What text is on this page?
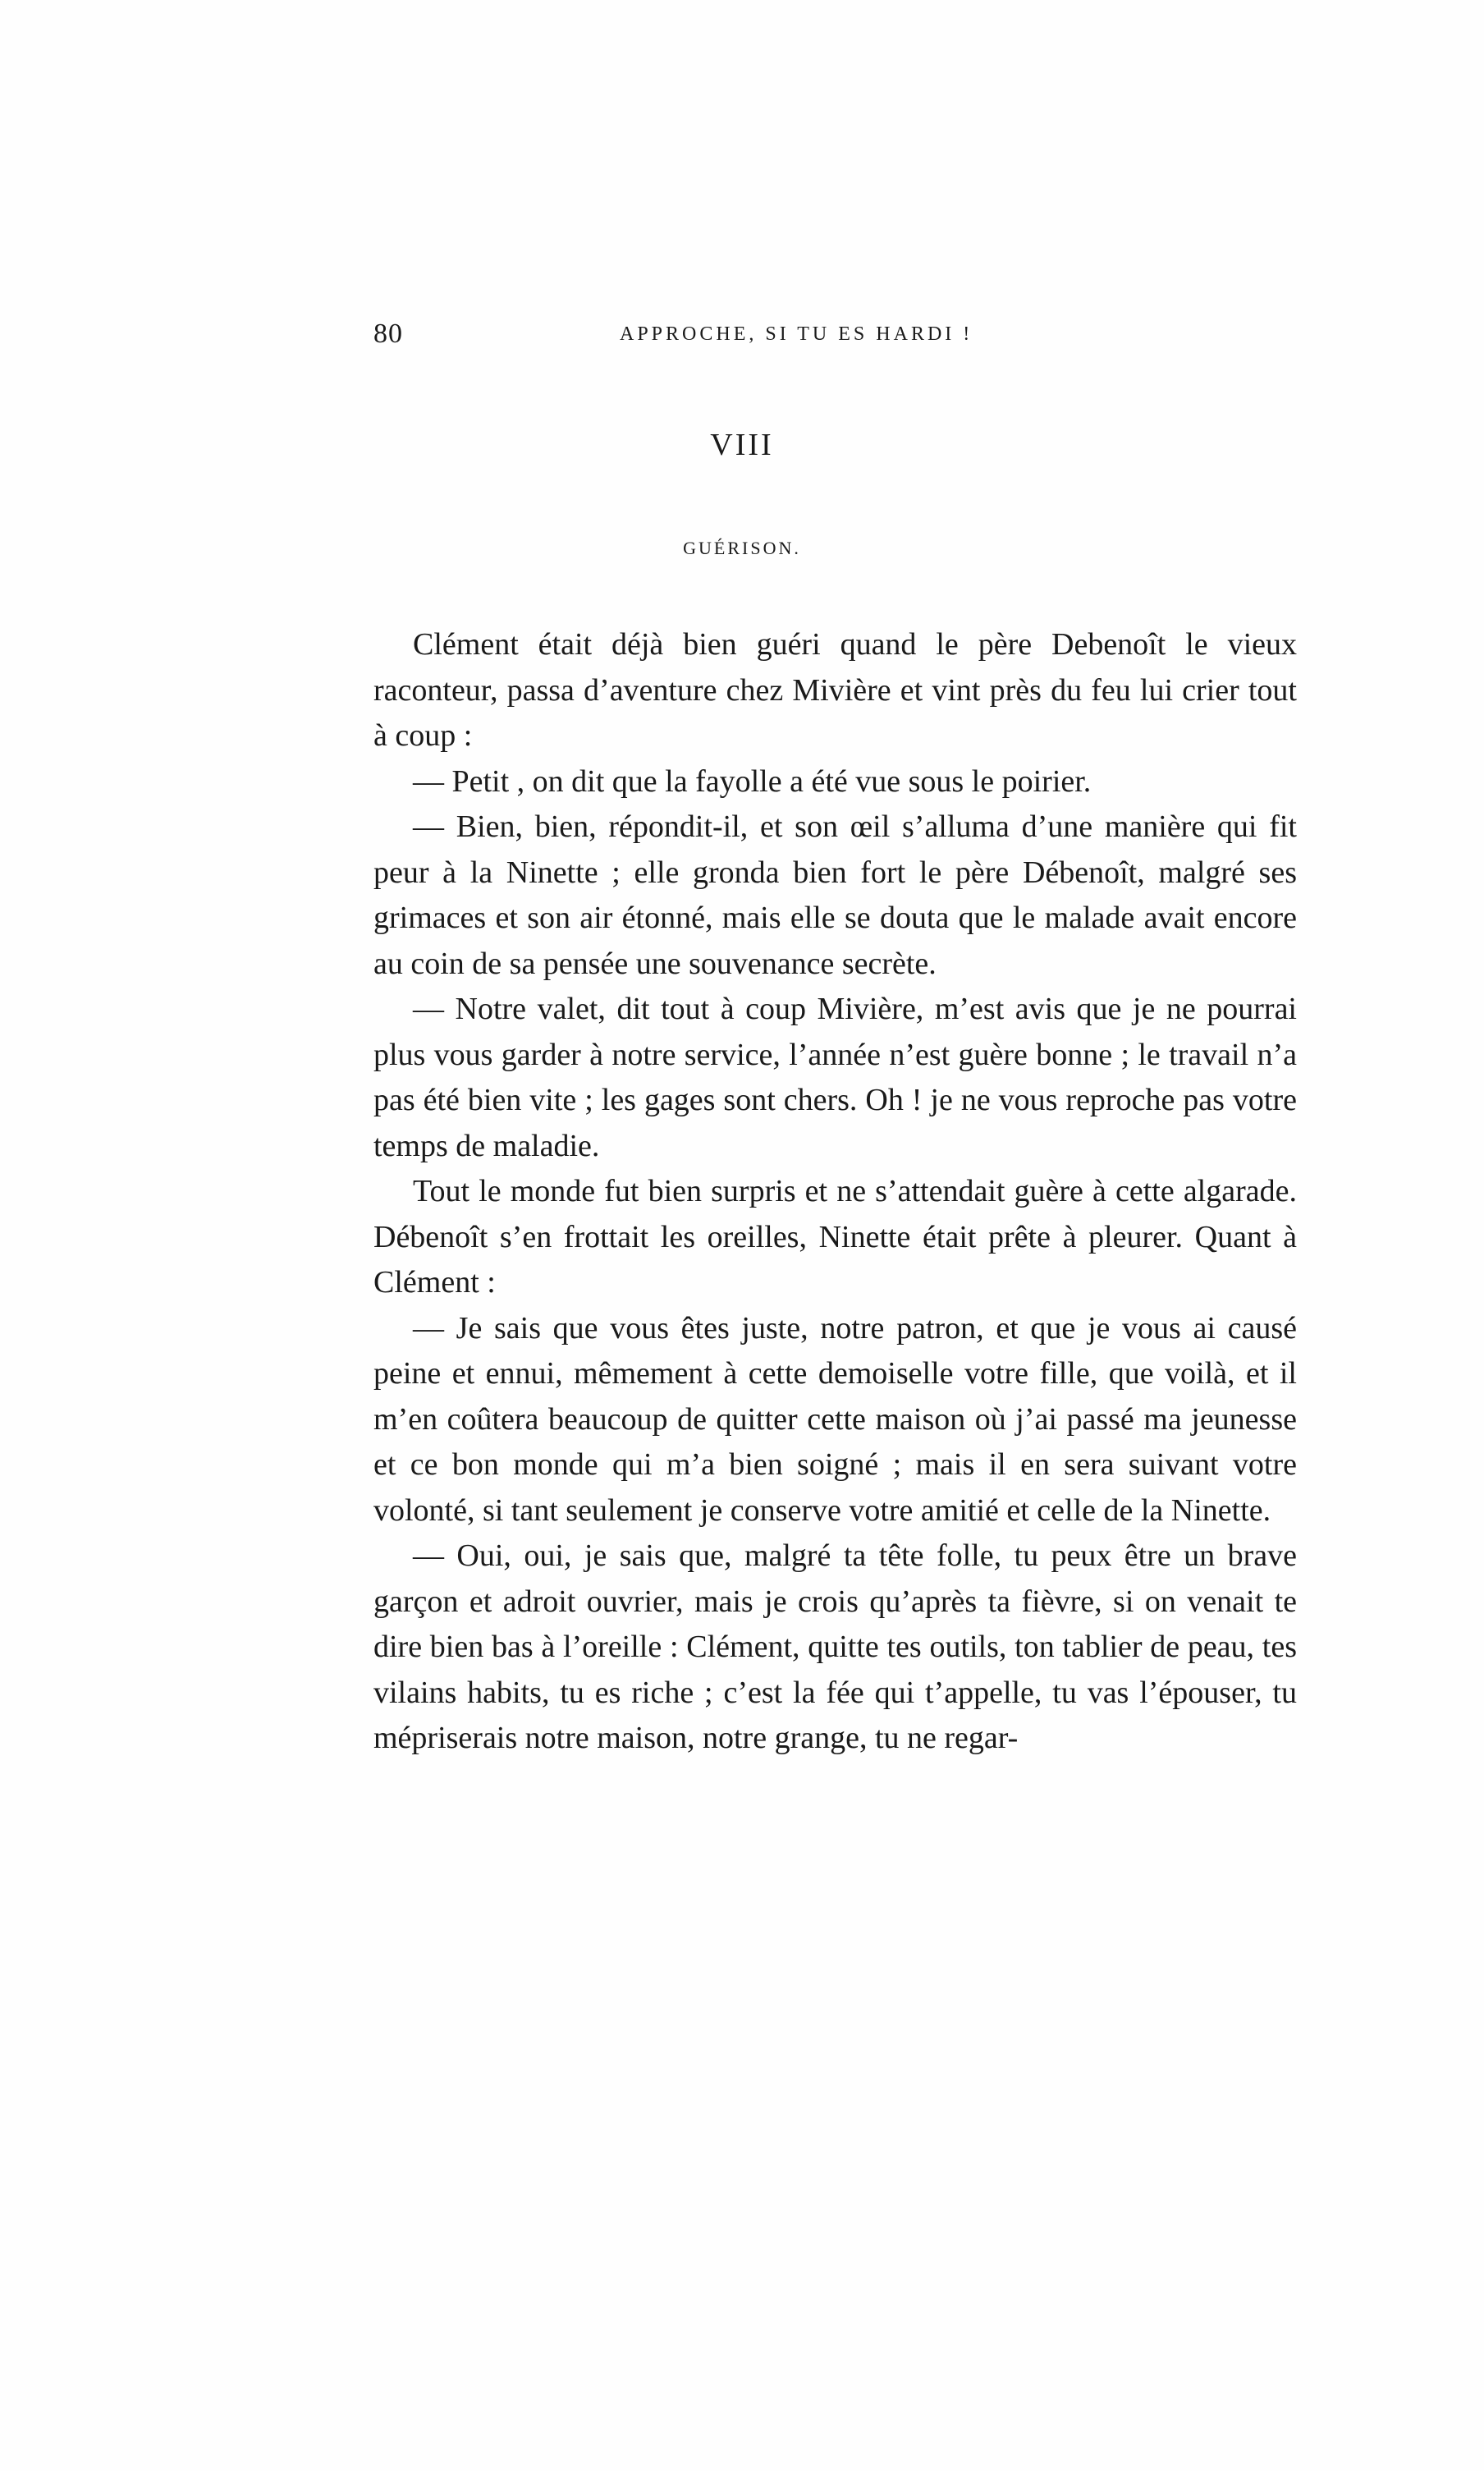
80	APPROCHE, SI TU ES HARDI !
VIII
GUÉRISON.

Clément était déjà bien guéri quand le père Debenoît le vieux raconteur, passa d’aventure chez Mivière et vint près du feu lui crier tout à coup :

— Petit , on dit que la fayolle a été vue sous le poirier.

— Bien, bien, répondit-il, et son œil s’alluma d’une manière qui fit peur à la Ninette ; elle gronda bien fort le père Débenoît, malgré ses grimaces et son air étonné, mais elle se douta que le malade avait encore au coin de sa pensée une souvenance secrète.

— Notre valet, dit tout à coup Mivière, m’est avis que je ne pourrai plus vous garder à notre service, l’année n’est guère bonne ; le travail n’a pas été bien vite ; les gages sont chers. Oh ! je ne vous reproche pas votre temps de maladie.

Tout le monde fut bien surpris et ne s’attendait guère à cette algarade. Débenoît s’en frottait les oreilles, Ninette était prête à pleurer. Quant à Clément :

— Je sais que vous êtes juste, notre patron, et que je vous ai causé peine et ennui, mêmement à cette demoiselle votre fille, que voilà, et il m’en coûtera beaucoup de quitter cette maison où j’ai passé ma jeunesse et ce bon monde qui m’a bien soigné ; mais il en sera suivant votre volonté, si tant seulement je conserve votre amitié et celle de la Ninette.

— Oui, oui, je sais que, malgré ta tête folle, tu peux être un brave garçon et adroit ouvrier, mais je crois qu’après ta fièvre, si on venait te dire bien bas à l’oreille : Clément, quitte tes outils, ton tablier de peau, tes vilains habits, tu es riche ; c’est la fée qui t’appelle, tu vas l’épouser, tu mépriserais notre maison, notre grange, tu ne regar-
